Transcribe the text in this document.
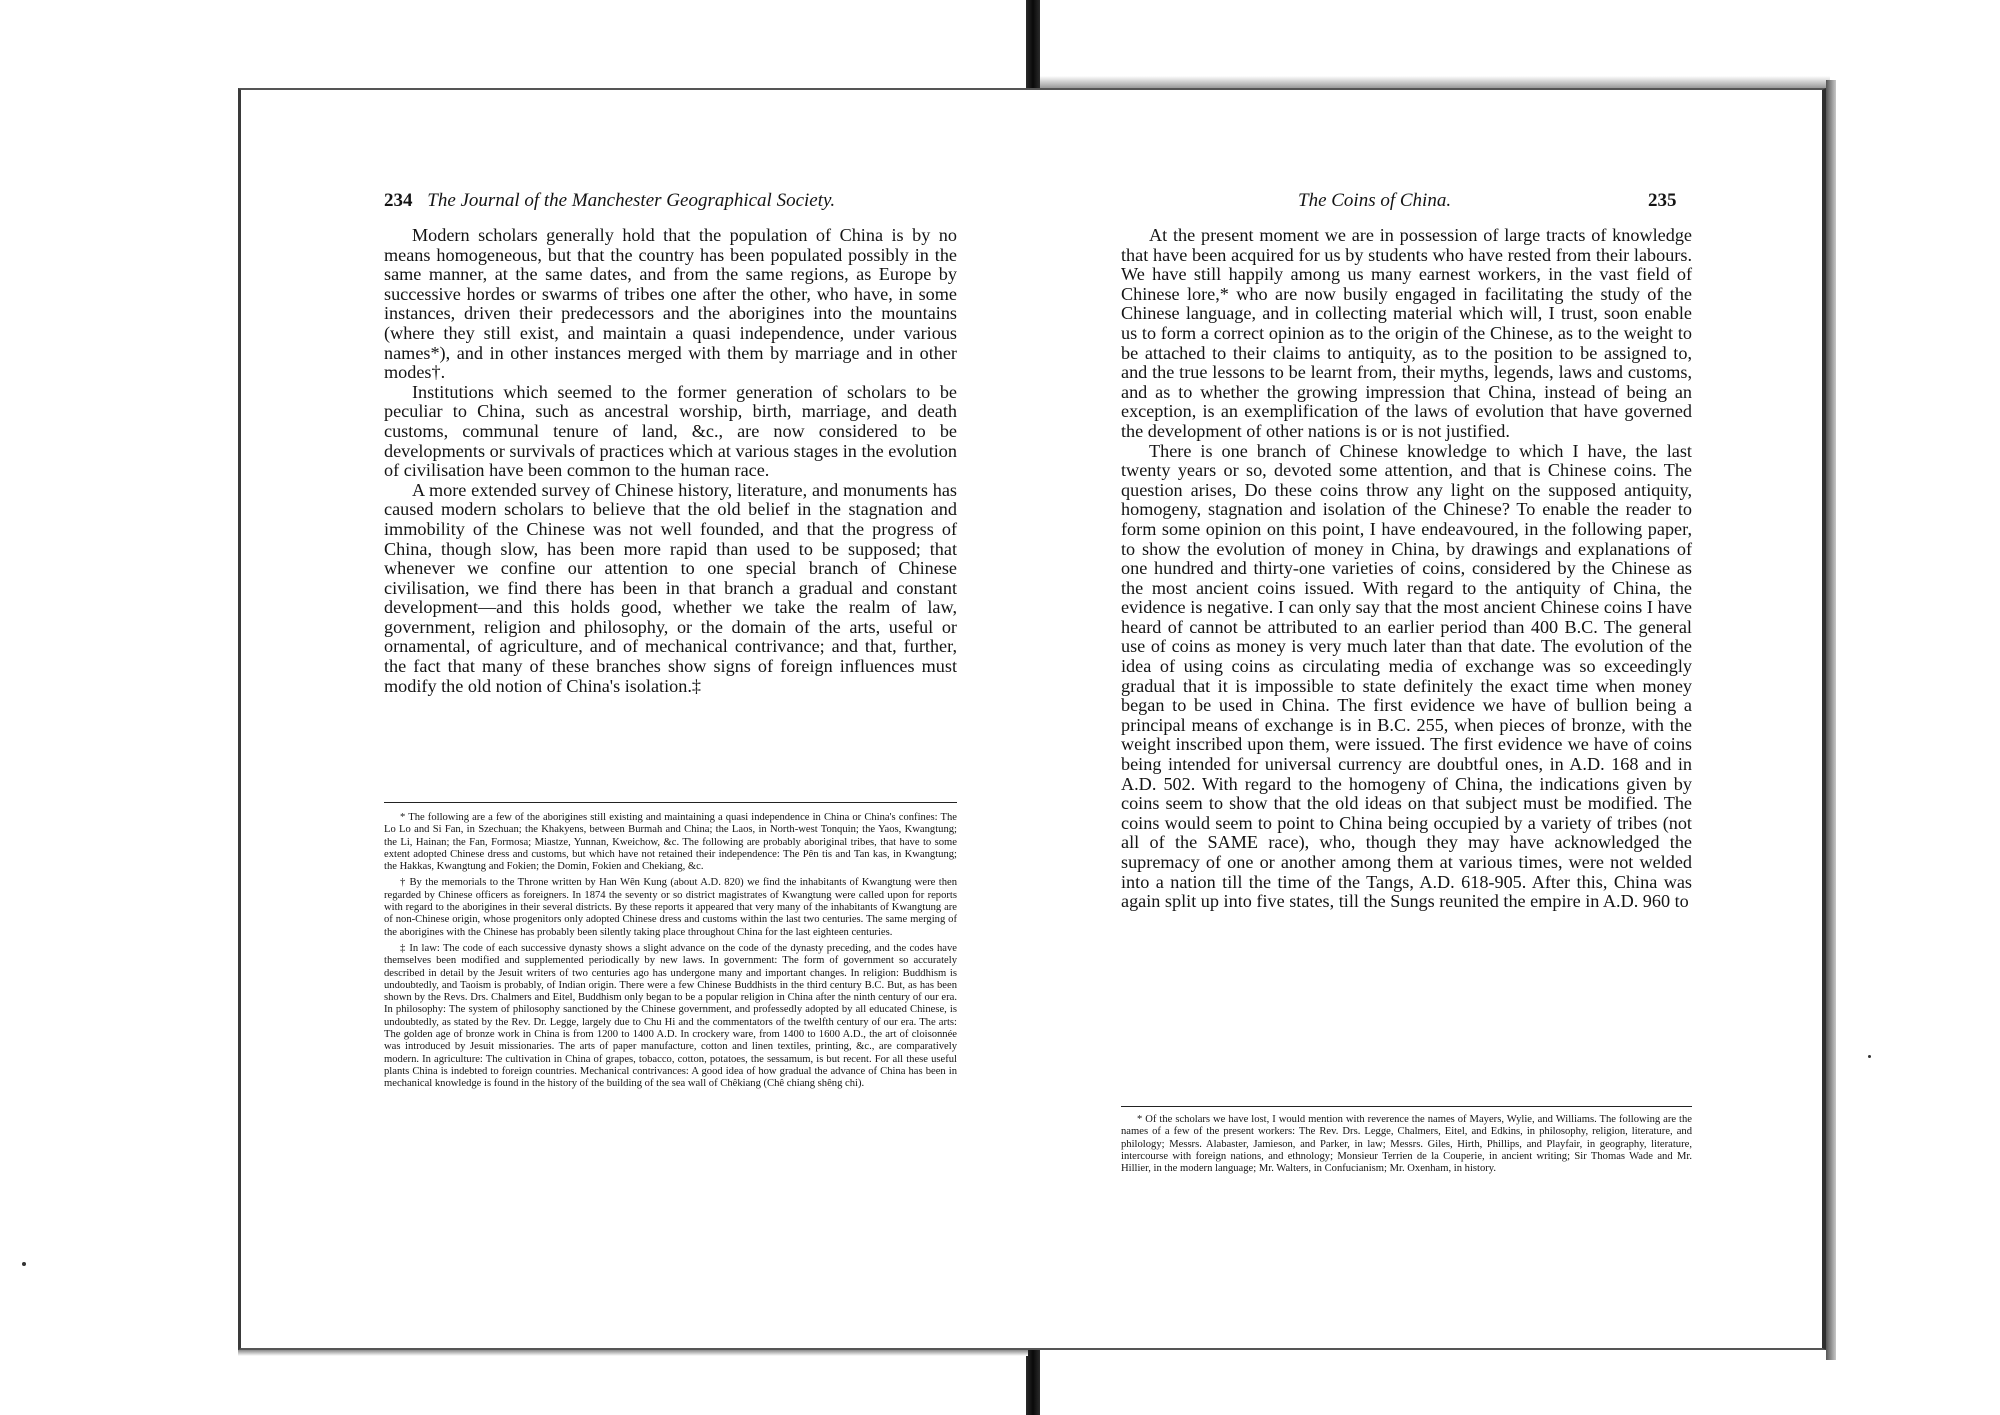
234 The Journal of the Manchester Geographical Society.

Modern scholars generally hold that the population of China is by no means homogeneous, but that the country has been populated possibly in the same manner, at the same dates, and from the same regions, as Europe by successive hordes or swarms of tribes one after the other, who have, in some instances, driven their predecessors and the aborigines into the mountains (where they still exist, and maintain a quasi independence, under various names*), and in other instances merged with them by marriage and in other modes†.

Institutions which seemed to the former generation of scholars to be peculiar to China, such as ancestral worship, birth, marriage, and death customs, communal tenure of land, &c., are now considered to be developments or survivals of practices which at various stages in the evolution of civilisation have been common to the human race.

A more extended survey of Chinese history, literature, and monuments has caused modern scholars to believe that the old belief in the stagnation and immobility of the Chinese was not well founded, and that the progress of China, though slow, has been more rapid than used to be supposed; that whenever we confine our attention to one special branch of Chinese civilisation, we find there has been in that branch a gradual and constant development—and this holds good, whether we take the realm of law, government, religion and philosophy, or the domain of the arts, useful or ornamental, of agriculture, and of mechanical contrivance; and that, further, the fact that many of these branches show signs of foreign influences must modify the old notion of China's isolation.‡

* The following are a few of the aborigines still existing and maintaining a quasi independence in China or China's confines: The Lo Lo and Si Fan, in Szechuan; the Khakyens, between Burmah and China; the Laos, in North-west Tonquin; the Yaos, Kwangtung; the Li, Hainan; the Fan, Formosa; Miastze, Yunnan, Kweichow, &c. The following are probably aboriginal tribes, that have to some extent adopted Chinese dress and customs, but which have not retained their independence: The Pên tis and Tan kas, in Kwangtung; the Hakkas, Kwangtung and Fokien; the Domin, Fokien and Chekiang, &c.

† By the memorials to the Throne written by Han Wên Kung (about A.D. 820) we find the inhabitants of Kwangtung were then regarded by Chinese officers as foreigners. In 1874 the seventy or so district magistrates of Kwangtung were called upon for reports with regard to the aborigines in their several districts. By these reports it appeared that very many of the inhabitants of Kwangtung are of non-Chinese origin, whose progenitors only adopted Chinese dress and customs within the last two centuries. The same merging of the aborigines with the Chinese has probably been silently taking place throughout China for the last eighteen centuries.

‡ In law: The code of each successive dynasty shows a slight advance on the code of the dynasty preceding, and the codes have themselves been modified and supplemented periodically by new laws. In government: The form of government so accurately described in detail by the Jesuit writers of two centuries ago has undergone many and important changes. In religion: Buddhism is undoubtedly, and Taoism is probably, of Indian origin. There were a few Chinese Buddhists in the third century B.C. But, as has been shown by the Revs. Drs. Chalmers and Eitel, Buddhism only began to be a popular religion in China after the ninth century of our era. In philosophy: The system of philosophy sanctioned by the Chinese government, and professedly adopted by all educated Chinese, is undoubtedly, as stated by the Rev. Dr. Legge, largely due to Chu Hi and the commentators of the twelfth century of our era. The arts: The golden age of bronze work in China is from 1200 to 1400 A.D. In crockery ware, from 1400 to 1600 A.D., the art of cloisonnée was introduced by Jesuit missionaries. The arts of paper manufacture, cotton and linen textiles, printing, &c., are comparatively modern. In agriculture: The cultivation in China of grapes, tobacco, cotton, potatoes, the sessamum, is but recent. For all these useful plants China is indebted to foreign countries. Mechanical contrivances: A good idea of how gradual the advance of China has been in mechanical knowledge is found in the history of the building of the sea wall of Chêkiang (Chê chiang shêng chi).

The Coins of China.	235

At the present moment we are in possession of large tracts of knowledge that have been acquired for us by students who have rested from their labours. We have still happily among us many earnest workers, in the vast field of Chinese lore,* who are now busily engaged in facilitating the study of the Chinese language, and in collecting material which will, I trust, soon enable us to form a correct opinion as to the origin of the Chinese, as to the weight to be attached to their claims to antiquity, as to the position to be assigned to, and the true lessons to be learnt from, their myths, legends, laws and customs, and as to whether the growing impression that China, instead of being an exception, is an exemplification of the laws of evolution that have governed the development of other nations is or is not justified.

There is one branch of Chinese knowledge to which I have, the last twenty years or so, devoted some attention, and that is Chinese coins. The question arises, Do these coins throw any light on the supposed antiquity, homogeny, stagnation and isolation of the Chinese? To enable the reader to form some opinion on this point, I have endeavoured, in the following paper, to show the evolution of money in China, by drawings and explanations of one hundred and thirty-one varieties of coins, considered by the Chinese as the most ancient coins issued. With regard to the antiquity of China, the evidence is negative. I can only say that the most ancient Chinese coins I have heard of cannot be attributed to an earlier period than 400 B.C. The general use of coins as money is very much later than that date. The evolution of the idea of using coins as circulating media of exchange was so exceedingly gradual that it is impossible to state definitely the exact time when money began to be used in China. The first evidence we have of bullion being a principal means of exchange is in B.C. 255, when pieces of bronze, with the weight inscribed upon them, were issued. The first evidence we have of coins being intended for universal currency are doubtful ones, in A.D. 168 and in A.D. 502. With regard to the homogeny of China, the indications given by coins seem to show that the old ideas on that subject must be modified. The coins would seem to point to China being occupied by a variety of tribes (not all of the SAME race), who, though they may have acknowledged the supremacy of one or another among them at various times, were not welded into a nation till the time of the Tangs, A.D. 618-905. After this, China was again split up into five states, till the Sungs reunited the empire in A.D. 960 to

* Of the scholars we have lost, I would mention with reverence the names of Mayers, Wylie, and Williams. The following are the names of a few of the present workers: The Rev. Drs. Legge, Chalmers, Eitel, and Edkins, in philosophy, religion, literature, and philology; Messrs. Alabaster, Jamieson, and Parker, in law; Messrs. Giles, Hirth, Phillips, and Playfair, in geography, literature, intercourse with foreign nations, and ethnology; Monsieur Terrien de la Couperie, in ancient writing; Sir Thomas Wade and Mr. Hillier, in the modern language; Mr. Walters, in Confucianism; Mr. Oxenham, in history.
